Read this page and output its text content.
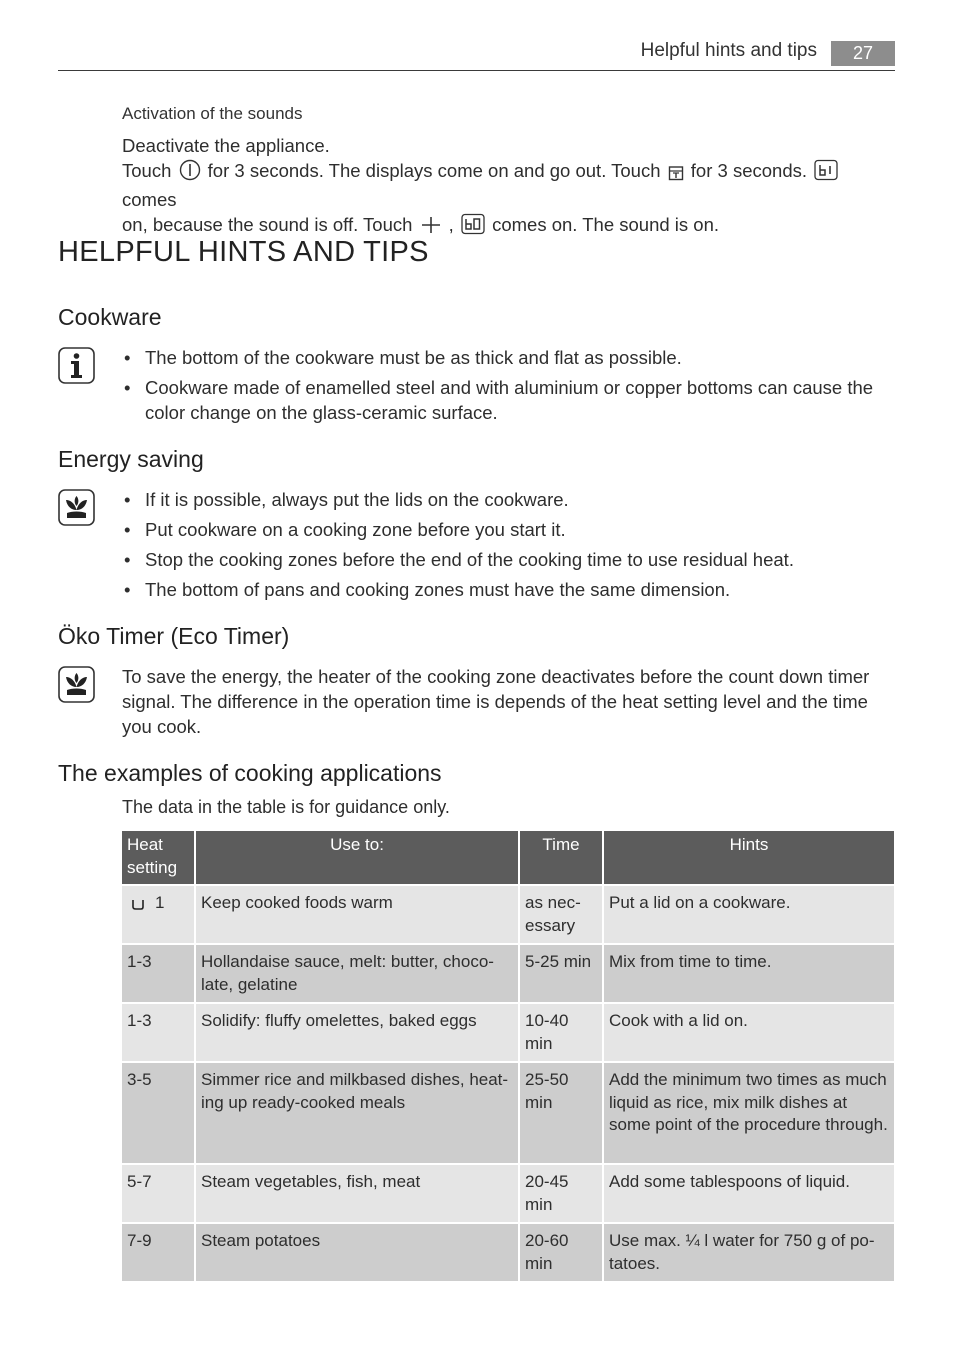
Helpful hints and tips	27
Activation of the sounds
Deactivate the appliance.
Touch for 3 seconds. The displays come on and go out. Touch for 3 seconds.  comes
on, because the sound is off. Touch , comes on. The sound is on.
HELPFUL HINTS AND TIPS
Cookware
• The bottom of the cookware must be as thick and flat as possible.
• Cookware made of enamelled steel and with aluminium or copper bottoms can cause the color change on the glass-ceramic surface.
Energy saving
• If it is possible, always put the lids on the cookware.
• Put cookware on a cooking zone before you start it.
• Stop the cooking zones before the end of the cooking time to use residual heat.
• The bottom of pans and cooking zones must have the same dimension.
Öko Timer (Eco Timer)
To save the energy, the heater of the cooking zone deactivates before the count down timer signal. The difference in the operation time is depends of the heat setting level and the time you cook.
The examples of cooking applications
The data in the table is for guidance only.
Heat setting	Use to:	Time	Hints
1	Keep cooked foods warm	as nec-essary	Put a lid on a cookware.
1-3	Hollandaise sauce, melt: butter, choco-late, gelatine	5-25 min	Mix from time to time.
1-3	Solidify: fluffy omelettes, baked eggs	10-40 min	Cook with a lid on.
3-5	Simmer rice and milkbased dishes, heat-ing up ready-cooked meals	25-50 min	Add the minimum two times as much liquid as rice, mix milk dishes at some point of the procedure through.
5-7	Steam vegetables, fish, meat	20-45 min	Add some tablespoons of liquid.
7-9	Steam potatoes	20-60 min	Use max. ¼ l water for 750 g of po-tatoes.
